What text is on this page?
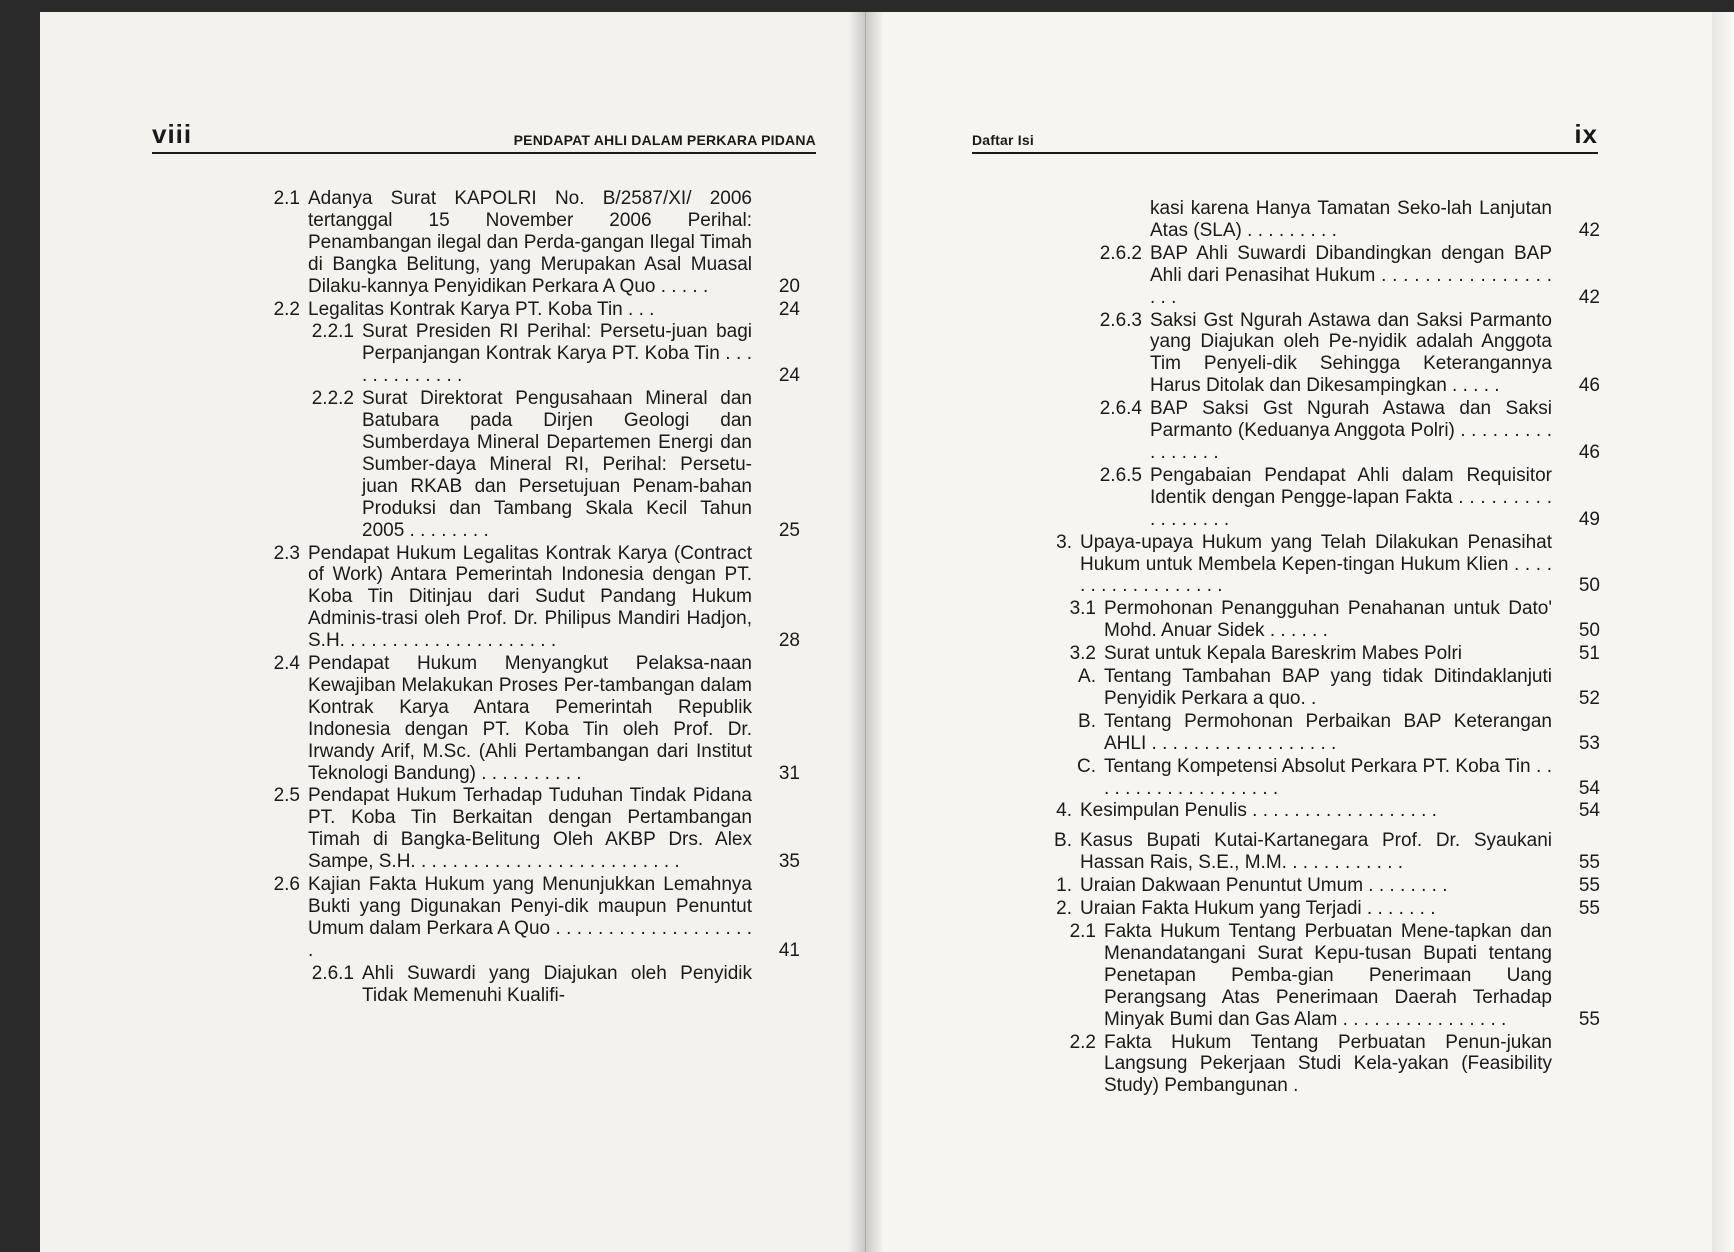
viii	PENDAPAT AHLI DALAM PERKARA PIDANA
2.1 Adanya Surat KAPOLRI No. B/2587/XI/ 2006 tertanggal 15 November 2006 Perihal: Penambangan ilegal dan Perda-gangan Ilegal Timah di Bangka Belitung, yang Merupakan Asal Muasal Dilaku-kannya Penyidikan Perkara A Quo . . . . .	20
2.2 Legalitas Kontrak Karya PT. Koba Tin . . .	24
2.2.1 Surat Presiden RI Perihal: Persetu-juan bagi Perpanjangan Kontrak Karya PT. Koba Tin . . . . . . . . . . . . .	24
2.2.2 Surat Direktorat Pengusahaan Mineral dan Batubara pada Dirjen Geologi dan Sumberdaya Mineral Departemen Energi dan Sumber-daya Mineral RI, Perihal: Persetu-juan RKAB dan Persetujuan Penam-bahan Produksi dan Tambang Skala Kecil Tahun 2005 . . . . . . . .	25
2.3 Pendapat Hukum Legalitas Kontrak Karya (Contract of Work) Antara Pemerintah Indonesia dengan PT. Koba Tin Ditinjau dari Sudut Pandang Hukum Adminis-trasi oleh Prof. Dr. Philipus Mandiri Hadjon, S.H. . . . . . . . . . . . . . . . . . . . .	28
2.4 Pendapat Hukum Menyangkut Pelaksa-naan Kewajiban Melakukan Proses Per-tambangan dalam Kontrak Karya Antara Pemerintah Republik Indonesia dengan PT. Koba Tin oleh Prof. Dr. Irwandy Arif, M.Sc. (Ahli Pertambangan dari Institut Teknologi Bandung) . . . . . . . . . .	31
2.5 Pendapat Hukum Terhadap Tuduhan Tindak Pidana PT. Koba Tin Berkaitan dengan Pertambangan Timah di Bangka-Belitung Oleh AKBP Drs. Alex Sampe, S.H. . . . . . . . . . . . . . . . . . . . . . . . . .	35
2.6 Kajian Fakta Hukum yang Menunjukkan Lemahnya Bukti yang Digunakan Penyi-dik maupun Penuntut Umum dalam Perkara A Quo . . . . . . . . . . . . . . . . . . . .	41
2.6.1 Ahli Suwardi yang Diajukan oleh Penyidik Tidak Memenuhi Kualifi-
Daftar Isi	ix
kasi karena Hanya Tamatan Seko-lah Lanjutan Atas (SLA) . . . . . . . . .	42
2.6.2 BAP Ahli Suwardi Dibandingkan dengan BAP Ahli dari Penasihat Hukum . . . . . . . . . . . . . . . . . . .	42
2.6.3 Saksi Gst Ngurah Astawa dan Saksi Parmanto yang Diajukan oleh Pe-nyidik adalah Anggota Tim Penyeli-dik Sehingga Keterangannya Harus Ditolak dan Dikesampingkan . . . . .	46
2.6.4 BAP Saksi Gst Ngurah Astawa dan Saksi Parmanto (Keduanya Anggota Polri) . . . . . . . . . . . . . . . .	46
2.6.5 Pengabaian Pendapat Ahli dalam Requisitor Identik dengan Pengge-lapan Fakta . . . . . . . . . . . . . . . . .	49
3. Upaya-upaya Hukum yang Telah Dilakukan Penasihat Hukum untuk Membela Kepen-tingan Hukum Klien . . . . . . . . . . . . . . . . . .	50
3.1 Permohonan Penangguhan Penahanan untuk Dato' Mohd. Anuar Sidek . . . . . .	50
3.2 Surat untuk Kepala Bareskrim Mabes Polri	51
A. Tentang Tambahan BAP yang tidak Ditindaklanjuti Penyidik Perkara a quo. .	52
B. Tentang Permohonan Perbaikan BAP Keterangan AHLI . . . . . . . . . . . . . . . . . .	53
C. Tentang Kompetensi Absolut Perkara PT. Koba Tin . . . . . . . . . . . . . . . . . . .	54
4. Kesimpulan Penulis . . . . . . . . . . . . . . . . . .	54
B. Kasus Bupati Kutai-Kartanegara Prof. Dr. Syaukani Hassan Rais, S.E., M.M. . . . . . . . . . . .	55
1. Uraian Dakwaan Penuntut Umum . . . . . . . .	55
2. Uraian Fakta Hukum yang Terjadi . . . . . . .	55
2.1 Fakta Hukum Tentang Perbuatan Mene-tapkan dan Menandatangani Surat Kepu-tusan Bupati tentang Penetapan Pemba-gian Penerimaan Uang Perangsang Atas Penerimaan Daerah Terhadap Minyak Bumi dan Gas Alam . . . . . . . . . . . . . . . .	55
2.2 Fakta Hukum Tentang Perbuatan Penun-jukan Langsung Pekerjaan Studi Kela-yakan (Feasibility Study) Pembangunan .
